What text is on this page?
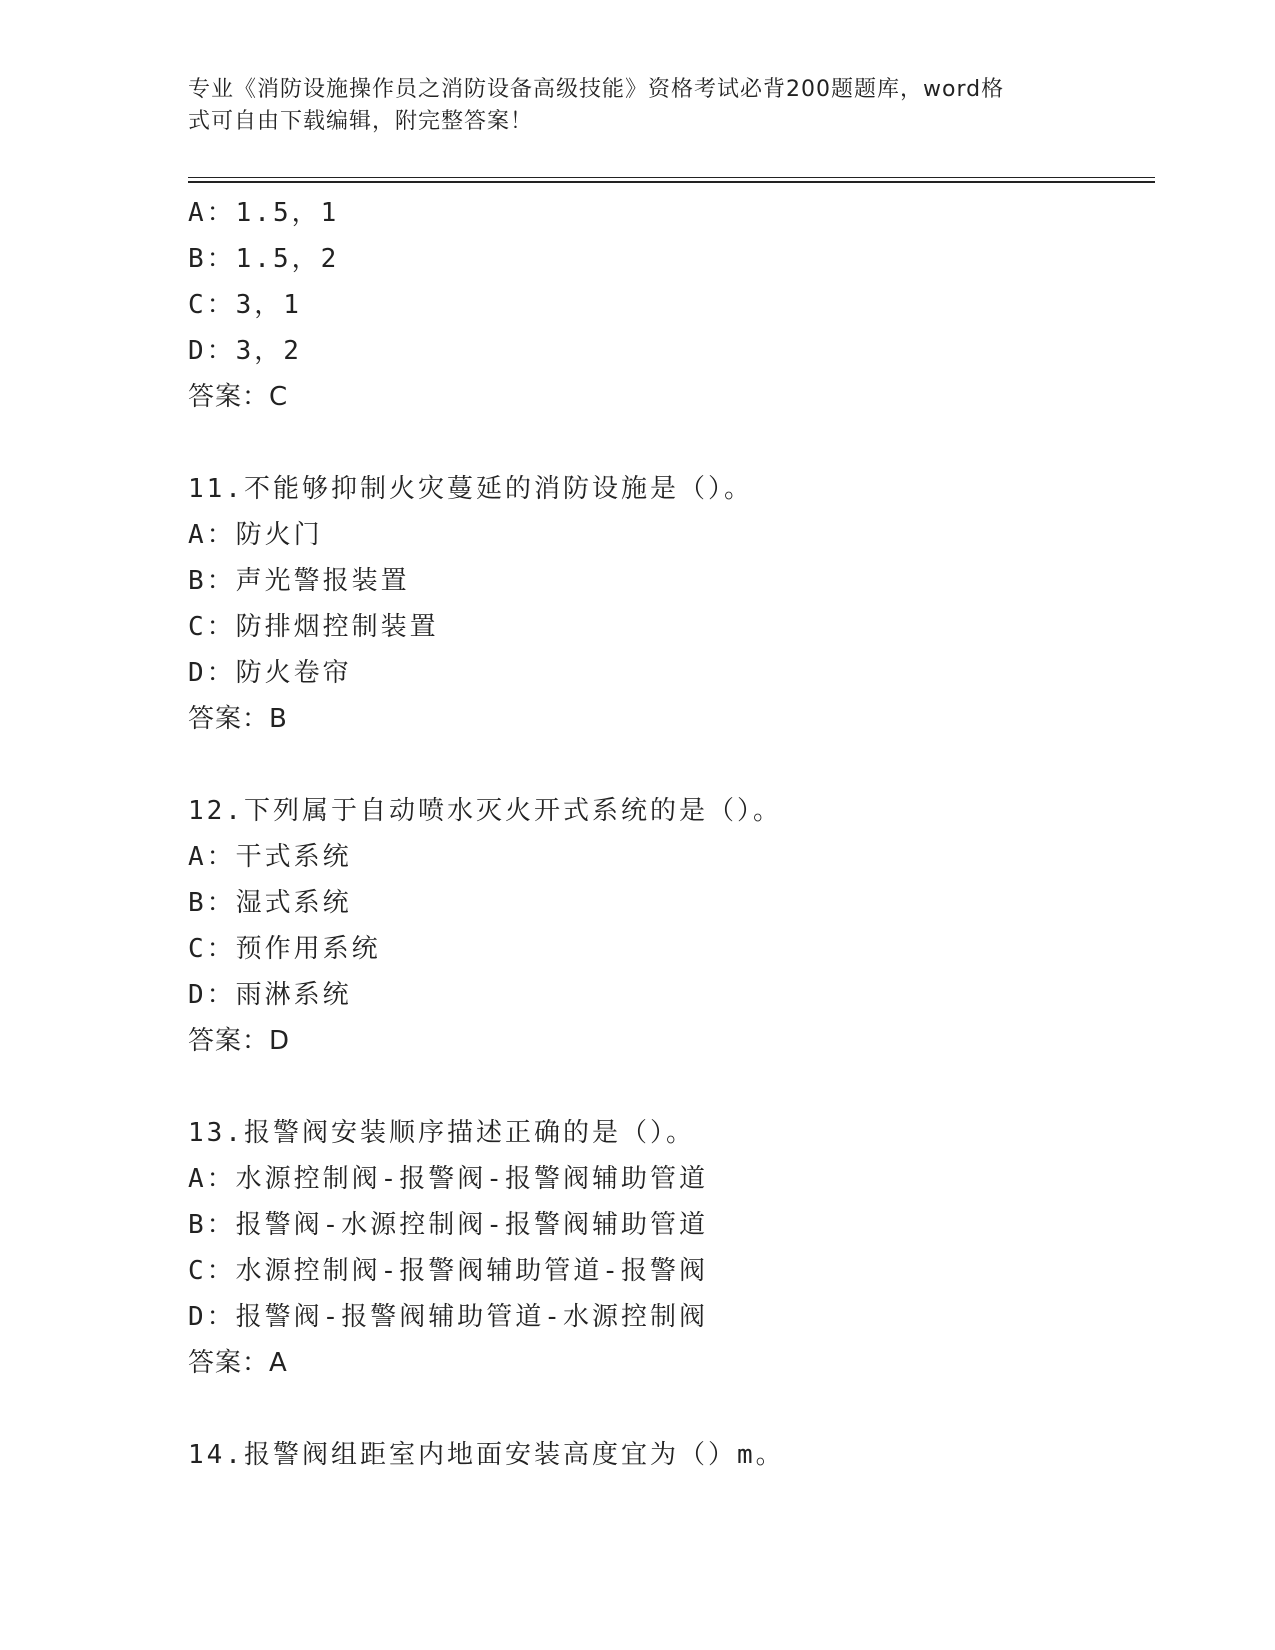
专业《消防设施操作员之消防设备高级技能》资格考试必背200题题库，word格
式可自由下载编辑，附完整答案！
A：1.5，1
B：1.5，2
C：3，1
D：3，2
答案：C
11.不能够抑制火灾蔓延的消防设施是（）。
A：防火门
B：声光警报装置
C：防排烟控制装置
D：防火卷帘
答案：B
12.下列属于自动喷水灭火开式系统的是（）。
A：干式系统
B：湿式系统
C：预作用系统
D：雨淋系统
答案：D
13.报警阀安装顺序描述正确的是（）。
A：水源控制阀-报警阀-报警阀辅助管道
B：报警阀-水源控制阀-报警阀辅助管道
C：水源控制阀-报警阀辅助管道-报警阀
D：报警阀-报警阀辅助管道-水源控制阀
答案：A
14.报警阀组距室内地面安装高度宜为（）m。
